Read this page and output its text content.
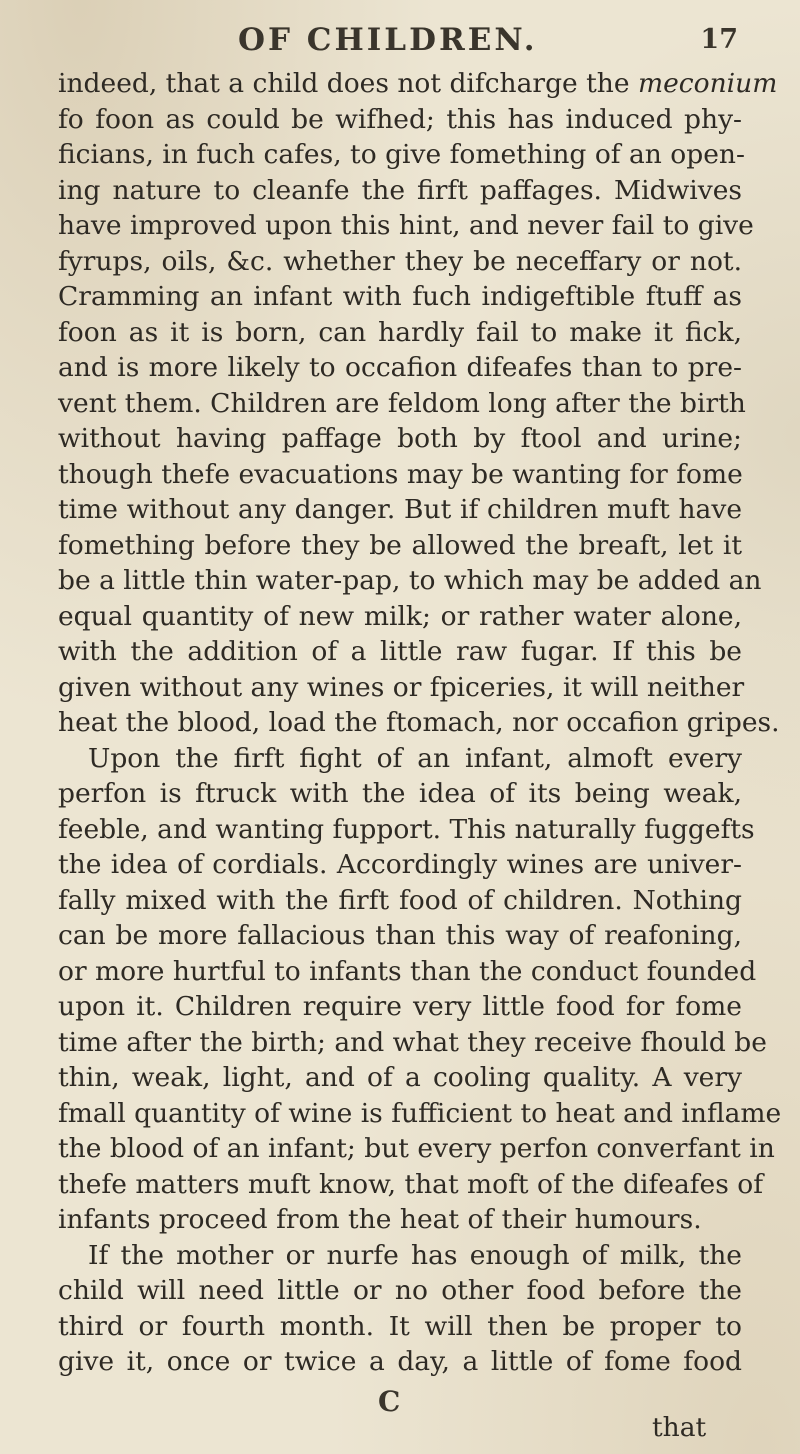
OF CHILDREN.	17
indeed, that a child does not difcharge the meconium
fo foon as could be wifhed; this has induced phy-
ficians, in fuch cafes, to give fomething of an open-
ing nature to cleanfe the firft paffages. Midwives
have improved upon this hint, and never fail to give
fyrups, oils, &c. whether they be neceffary or not.
Cramming an infant with fuch indigeftible ftuff as
foon as it is born, can hardly fail to make it fick,
and is more likely to occafion difeafes than to pre-
vent them. Children are feldom long after the birth
without having paffage both by ftool and urine;
though thefe evacuations may be wanting for fome
time without any danger. But if children muft have
fomething before they be allowed the breaft, let it
be a little thin water-pap, to which may be added an
equal quantity of new milk; or rather water alone,
with the addition of a little raw fugar. If this be
given without any wines or fpiceries, it will neither
heat the blood, load the ftomach, nor occafion gripes.
Upon the firft fight of an infant, almoft every
perfon is ftruck with the idea of its being weak,
feeble, and wanting fupport. This naturally fuggefts
the idea of cordials. Accordingly wines are univer-
fally mixed with the firft food of children. Nothing
can be more fallacious than this way of reafoning,
or more hurtful to infants than the conduct founded
upon it. Children require very little food for fome
time after the birth; and what they receive fhould be
thin, weak, light, and of a cooling quality. A very
fmall quantity of wine is fufficient to heat and inflame
the blood of an infant; but every perfon converfant in
thefe matters muft know, that moft of the difeafes of
infants proceed from the heat of their humours.
If the mother or nurfe has enough of milk, the
child will need little or no other food before the
third or fourth month. It will then be proper to
give it, once or twice a day, a little of fome food
C
that
